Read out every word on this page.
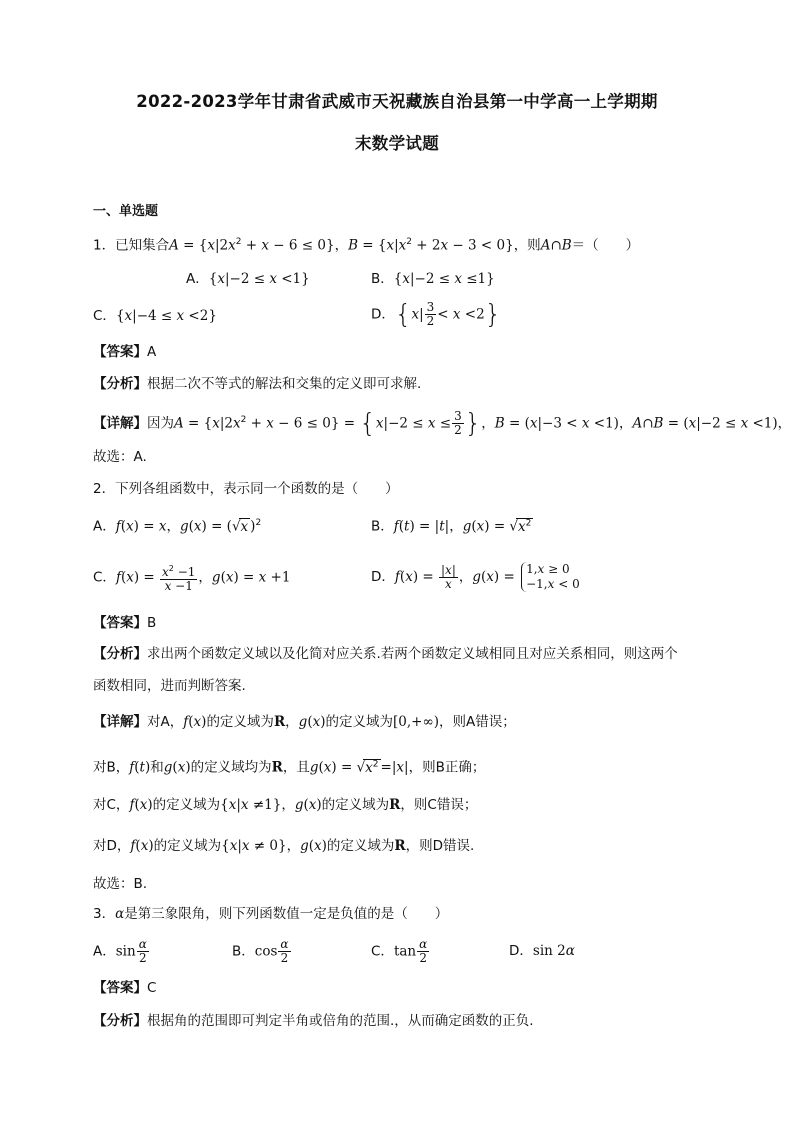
2022-2023学年甘肃省武威市天祝藏族自治县第一中学高一上学期期
末数学试题
一、单选题
1．已知集合$A = \{x|2x^2 + x - 6 \le 0\}$，$B = \{x|x^2 + 2x - 3 < 0\}$，则A∩B＝（　　）
A．{x|−2 ≤ x <1}	B．{x|−2 ≤ x ≤1}
C．{x|−4 ≤ x <2}	D．$\{x| \frac{3}{2} < x <2\}$
【答案】A
【分析】根据二次不等式的解法和交集的定义即可求解.
【详解】因为$A = \{x|2x^2 + x - 6 \le 0\} = \{x|-2 \le x \le \frac{3}{2}$ }，B = (x|−3 < x <1)，A∩B = (x|−2 ≤ x <1)，
故选：A.
2．下列各组函数中，表示同一个函数的是（　　）
A．f(x) = x，g(x) = (√x )$^2$	B．f(t) = |t|，$g(x) = √x^2$
C．$f(x) = \frac{x^2 -1}{x -1}$ ，g(x) = x +1	D．$f(x) = \frac{|x|}{x}$ ，g(x) = 1,x ≥ 0
−1,x < 0
【答案】B
【分析】求出两个函数定义域以及化简对应关系.若两个函数定义域相同且对应关系相同，则这两个
函数相同，进而判断答案.
【详解】对A，f(x)的定义域为R，g(x)的定义域为[0,+∞)，则A错误；
对B，f(t)和g(x)的定义域均为R，且$g(x) = √x^2 =|x|$，则B正确；
对C，f(x)的定义域为{x|x ≠1}，g(x)的定义域为R，则C错误；
对D，f(x)的定义域为{x|x ≠ 0}，g(x)的定义域为R，则D错误.
故选：B.
3．α是第三象限角，则下列函数值一定是负值的是（　　）
A．$\sin \frac{\alpha}{2}$	B．$\cos \frac{\alpha}{2}$	C．$\tan \frac{\alpha}{2}$	D．sin 2α
【答案】C
【分析】根据角的范围即可判定半角或倍角的范围.，从而确定函数的正负.
